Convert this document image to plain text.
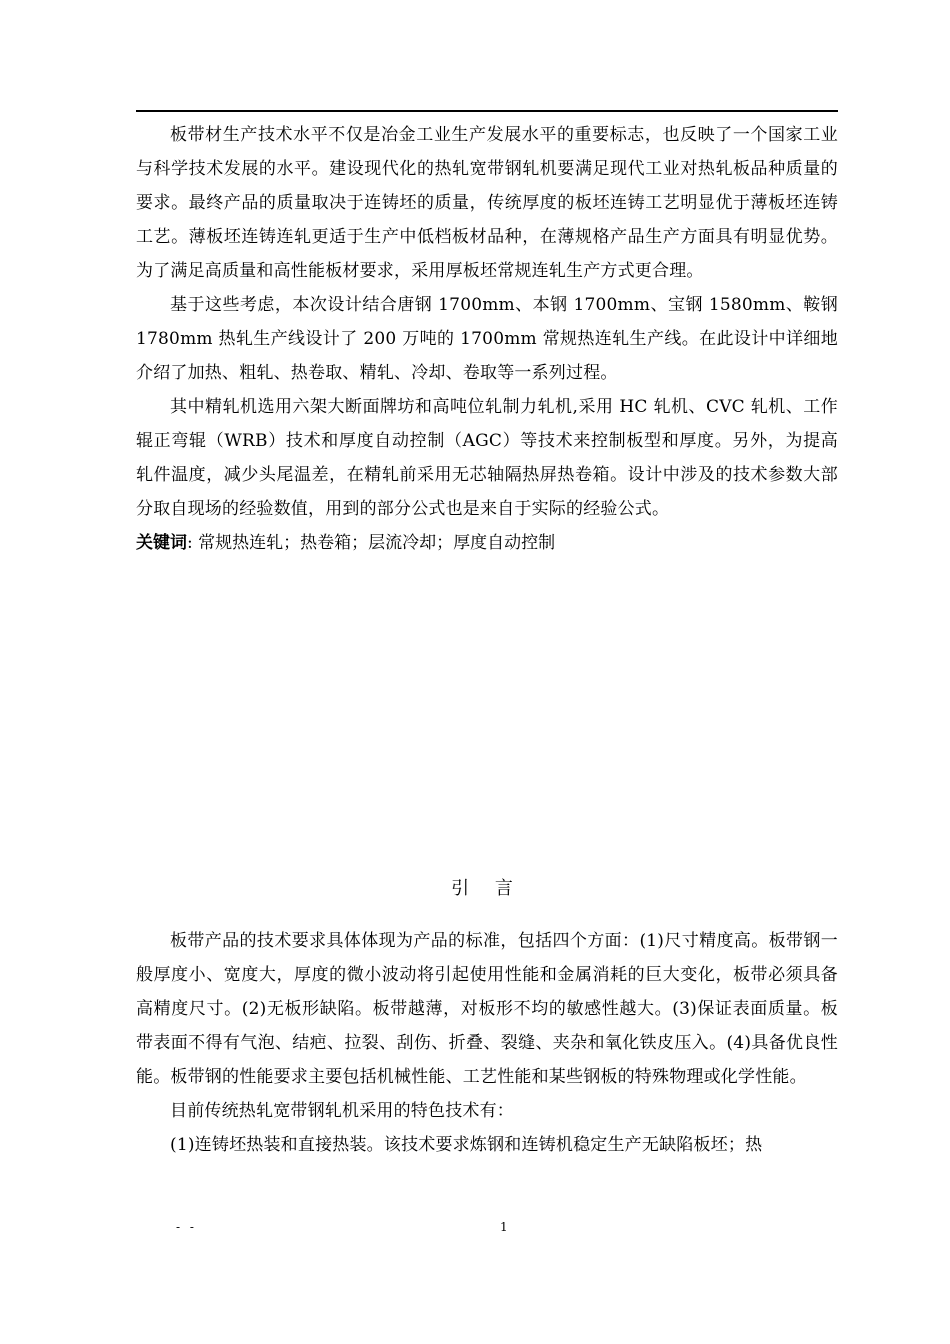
板带材生产技术水平不仅是冶金工业生产发展水平的重要标志，也反映了一个国家工业与科学技术发展的水平。建设现代化的热轧宽带钢轧机要满足现代工业对热轧板品种质量的要求。最终产品的质量取决于连铸坯的质量，传统厚度的板坯连铸工艺明显优于薄板坯连铸工艺。薄板坯连铸连轧更适于生产中低档板材品种，在薄规格产品生产方面具有明显优势。为了满足高质量和高性能板材要求，采用厚板坯常规连轧生产方式更合理。

基于这些考虑，本次设计结合唐钢 1700mm、本钢 1700mm、宝钢 1580mm、鞍钢 1780mm 热轧生产线设计了 200 万吨的 1700mm 常规热连轧生产线。在此设计中详细地介绍了加热、粗轧、热卷取、精轧、冷却、卷取等一系列过程。

其中精轧机选用六架大断面牌坊和高吨位轧制力轧机,采用 HC 轧机、CVC 轧机、工作辊正弯辊（WRB）技术和厚度自动控制（AGC）等技术来控制板型和厚度。另外，为提高轧件温度，减少头尾温差，在精轧前采用无芯轴隔热屏热卷箱。设计中涉及的技术参数大部分取自现场的经验数值，用到的部分公式也是来自于实际的经验公式。

关键词: 常规热连轧；热卷箱；层流冷却；厚度自动控制

引 言

板带产品的技术要求具体体现为产品的标准，包括四个方面：(1)尺寸精度高。板带钢一般厚度小、宽度大，厚度的微小波动将引起使用性能和金属消耗的巨大变化，板带必须具备高精度尺寸。(2)无板形缺陷。板带越薄，对板形不均的敏感性越大。(3)保证表面质量。板带表面不得有气泡、结疤、拉裂、刮伤、折叠、裂缝、夹杂和氧化铁皮压入。(4)具备优良性能。板带钢的性能要求主要包括机械性能、工艺性能和某些钢板的特殊物理或化学性能。

目前传统热轧宽带钢轧机采用的特色技术有：

(1)连铸坯热装和直接热装。该技术要求炼钢和连铸机稳定生产无缺陷板坯；热

- -	1
